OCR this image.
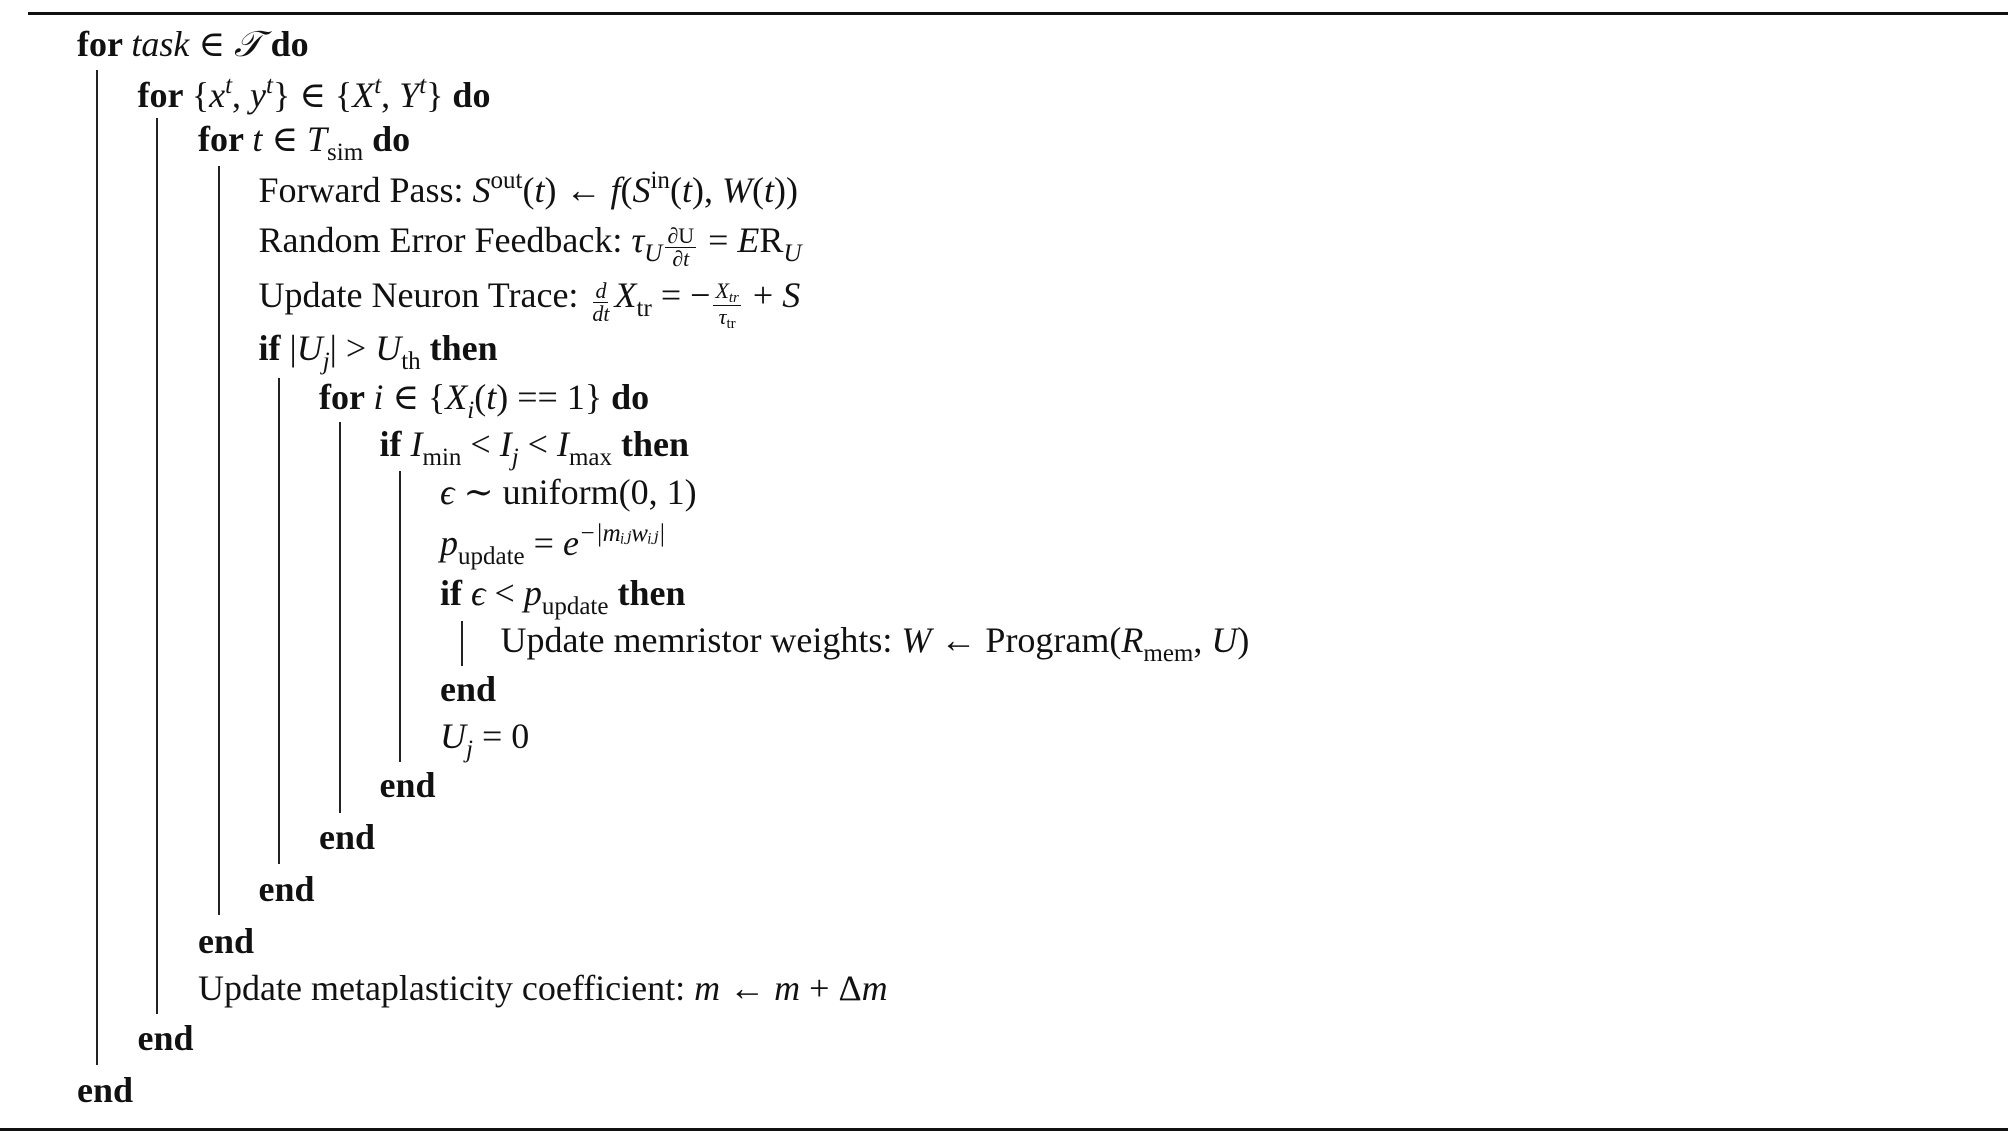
for task ∈ 𝒯 do
for {$x^t$, $y^t$} ∈ {$X^t$, $Y^t$} do
for t ∈ $T_{sim}$ do
Forward Pass: $S^{out}(t)$ ← $f(S^{in}(t)$, W(t))
Random Error Feedback: $\tau_U \frac{\partial U}{\partial t} = ER_U$
Update Neuron Trace: $\frac{d}{dt} X_{tr}$ = − $\frac{\text{Xtr}}{\tau_{tr}} + S$
if $|U_j| > U_{th}$ then
for i ∈ $\{X_i(t) == 1\}$ do
if $I_{min} < I_j < I_{max}$ then
ϵ ∼ uniform(0, 1)
$p_{update} = e^{-|mᵢⱼwᵢⱼ|}$
if $\epsilon < p_{update}$ then
Update memristor weights: W ← $Program(R_{mem}$, U)
end
$U_j = 0$
end
end
end
end
Update metaplasticity coefficient: m ← m + Δm
end
end
